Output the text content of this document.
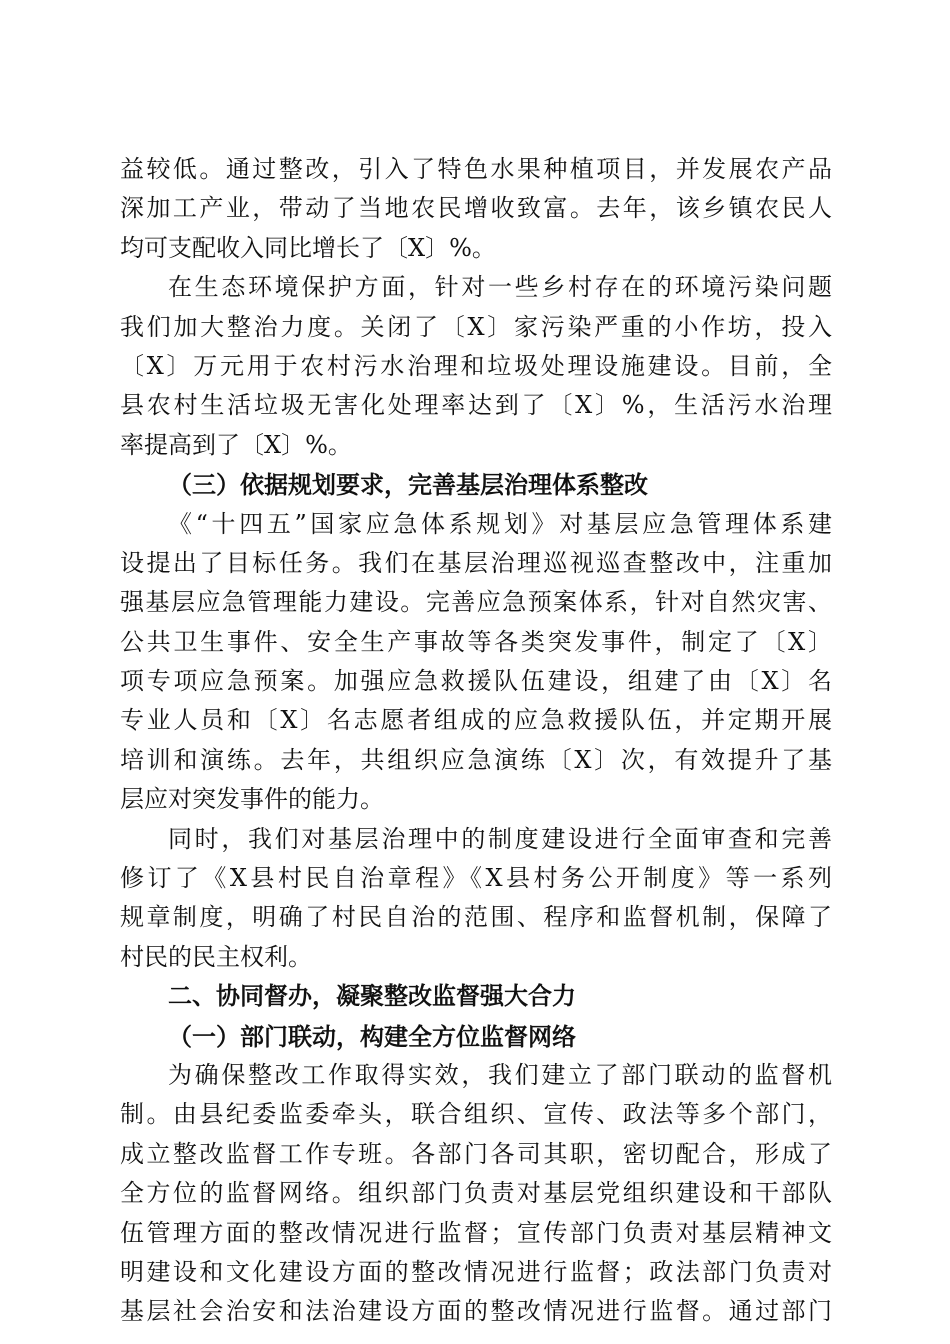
益较低。通过整改，引入了特色水果种植项目，并发展农产品
深加工产业，带动了当地农民增收致富。去年，该乡镇农民人
均可支配收入同比增长了〔X〕%。
在生态环境保护方面，针对一些乡村存在的环境污染问题
我们加大整治力度。关闭了〔X〕家污染严重的小作坊，投入
〔X〕万元用于农村污水治理和垃圾处理设施建设。目前，全
县农村生活垃圾无害化处理率达到了〔X〕%，生活污水治理
率提高到了〔X〕%。
（三）依据规划要求，完善基层治理体系整改
《“十四五”国家应急体系规划》对基层应急管理体系建
设提出了目标任务。我们在基层治理巡视巡查整改中，注重加
强基层应急管理能力建设。完善应急预案体系，针对自然灾害、
公共卫生事件、安全生产事故等各类突发事件，制定了〔X〕
项专项应急预案。加强应急救援队伍建设，组建了由〔X〕名
专业人员和〔X〕名志愿者组成的应急救援队伍，并定期开展
培训和演练。去年，共组织应急演练〔X〕次，有效提升了基
层应对突发事件的能力。
同时，我们对基层治理中的制度建设进行全面审查和完善
修订了《X县村民自治章程》《X县村务公开制度》等一系列
规章制度，明确了村民自治的范围、程序和监督机制，保障了
村民的民主权利。
二、协同督办，凝聚整改监督强大合力
（一）部门联动，构建全方位监督网络
为确保整改工作取得实效，我们建立了部门联动的监督机
制。由县纪委监委牵头，联合组织、宣传、政法等多个部门，
成立整改监督工作专班。各部门各司其职，密切配合，形成了
全方位的监督网络。组织部门负责对基层党组织建设和干部队
伍管理方面的整改情况进行监督；宣传部门负责对基层精神文
明建设和文化建设方面的整改情况进行监督；政法部门负责对
基层社会治安和法治建设方面的整改情况进行监督。通过部门
